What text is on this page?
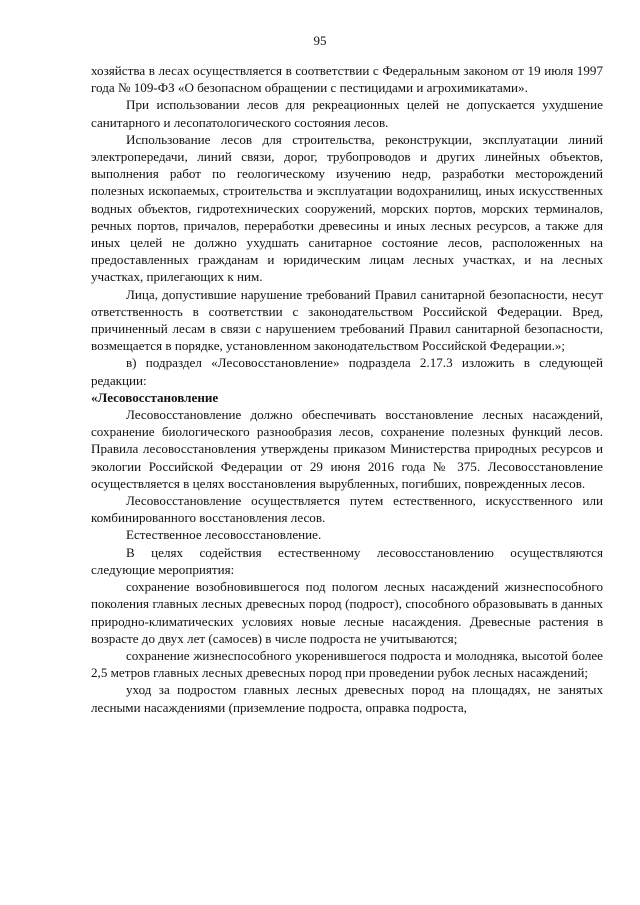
95

хозяйства в лесах осуществляется в соответствии с Федеральным законом от 19 июля 1997 года № 109-ФЗ «О безопасном обращении с пестицидами и агрохимикатами».

При использовании лесов для рекреационных целей не допускается ухудшение санитарного и лесопатологического состояния лесов.

Использование лесов для строительства, реконструкции, эксплуатации линий электропередачи, линий связи, дорог, трубопроводов и других линейных объектов, выполнения работ по геологическому изучению недр, разработки месторождений полезных ископаемых, строительства и эксплуатации водохранилищ, иных искусственных водных объектов, гидротехнических сооружений, морских портов, морских терминалов, речных портов, причалов, переработки древесины и иных лесных ресурсов, а также для иных целей не должно ухудшать санитарное состояние лесов, расположенных на предоставленных гражданам и юридическим лицам лесных участках, и на лесных участках, прилегающих к ним.

Лица, допустившие нарушение требований Правил санитарной безопасности, несут ответственность в соответствии с законодательством Российской Федерации. Вред, причиненный лесам в связи с нарушением требований Правил санитарной безопасности, возмещается в порядке, установленном законодательством Российской Федерации.»;

в) подраздел «Лесовосстановление» подраздела 2.17.3 изложить в следующей редакции:

«Лесовосстановление

Лесовосстановление должно обеспечивать восстановление лесных насаждений, сохранение биологического разнообразия лесов, сохранение полезных функций лесов. Правила лесовосстановления утверждены приказом Министерства природных ресурсов и экологии Российской Федерации от 29 июня 2016 года № 375. Лесовосстановление осуществляется в целях восстановления вырубленных, погибших, поврежденных лесов.

Лесовосстановление осуществляется путем естественного, искусственного или комбинированного восстановления лесов.

Естественное лесовосстановление.

В целях содействия естественному лесовосстановлению осуществляются следующие мероприятия:

сохранение возобновившегося под пологом лесных насаждений жизнеспособного поколения главных лесных древесных пород (подрост), способного образовывать в данных природно-климатических условиях новые лесные насаждения. Древесные растения в возрасте до двух лет (самосев) в числе подроста не учитываются;

сохранение жизнеспособного укоренившегося подроста и молодняка, высотой более 2,5 метров главных лесных древесных пород при проведении рубок лесных насаждений;

уход за подростом главных лесных древесных пород на площадях, не занятых лесными насаждениями (приземление подроста, оправка подроста,
